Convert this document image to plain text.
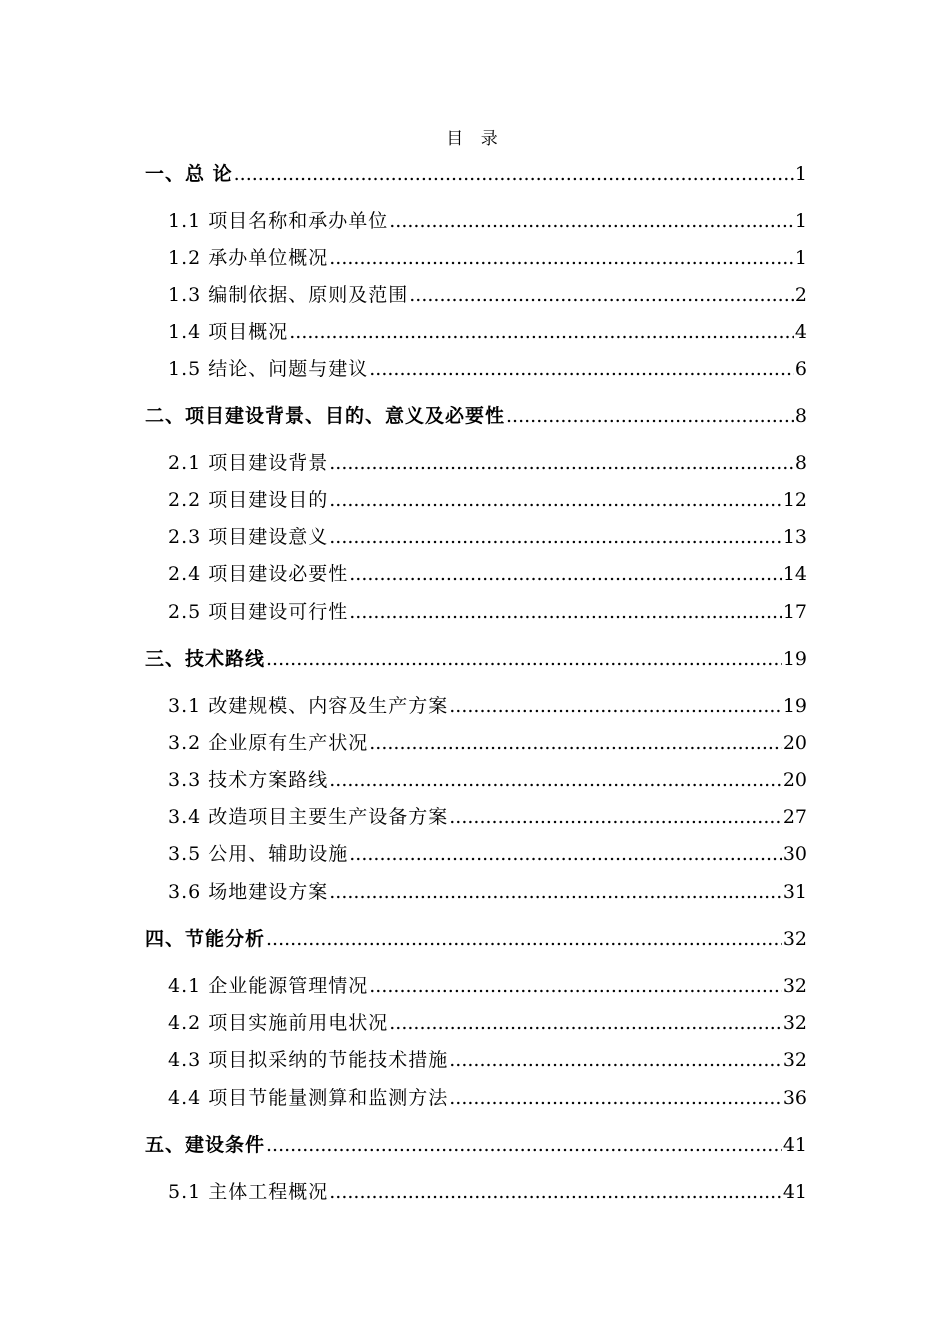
目 录
一、总 论 .....	1
1.1 项目名称和承办单位 .....	1
1.2 承办单位概况 .....	1
1.3 编制依据、原则及范围 .....	2
1.4 项目概况 .....	4
1.5 结论、问题与建议 .....	6
二、项目建设背景、目的、意义及必要性 .....	8
2.1 项目建设背景 .....	8
2.2 项目建设目的 .....	12
2.3 项目建设意义 .....	13
2.4 项目建设必要性 .....	14
2.5 项目建设可行性 .....	17
三、技术路线 .....	19
3.1 改建规模、内容及生产方案 .....	19
3.2 企业原有生产状况 .....	20
3.3 技术方案路线 .....	20
3.4 改造项目主要生产设备方案 .....	27
3.5 公用、辅助设施 .....	30
3.6 场地建设方案 .....	31
四、节能分析 .....	32
4.1 企业能源管理情况 .....	32
4.2 项目实施前用电状况 .....	32
4.3 项目拟采纳的节能技术措施 .....	32
4.4 项目节能量测算和监测方法 .....	36
五、建设条件 .....	41
5.1 主体工程概况 .....	41
